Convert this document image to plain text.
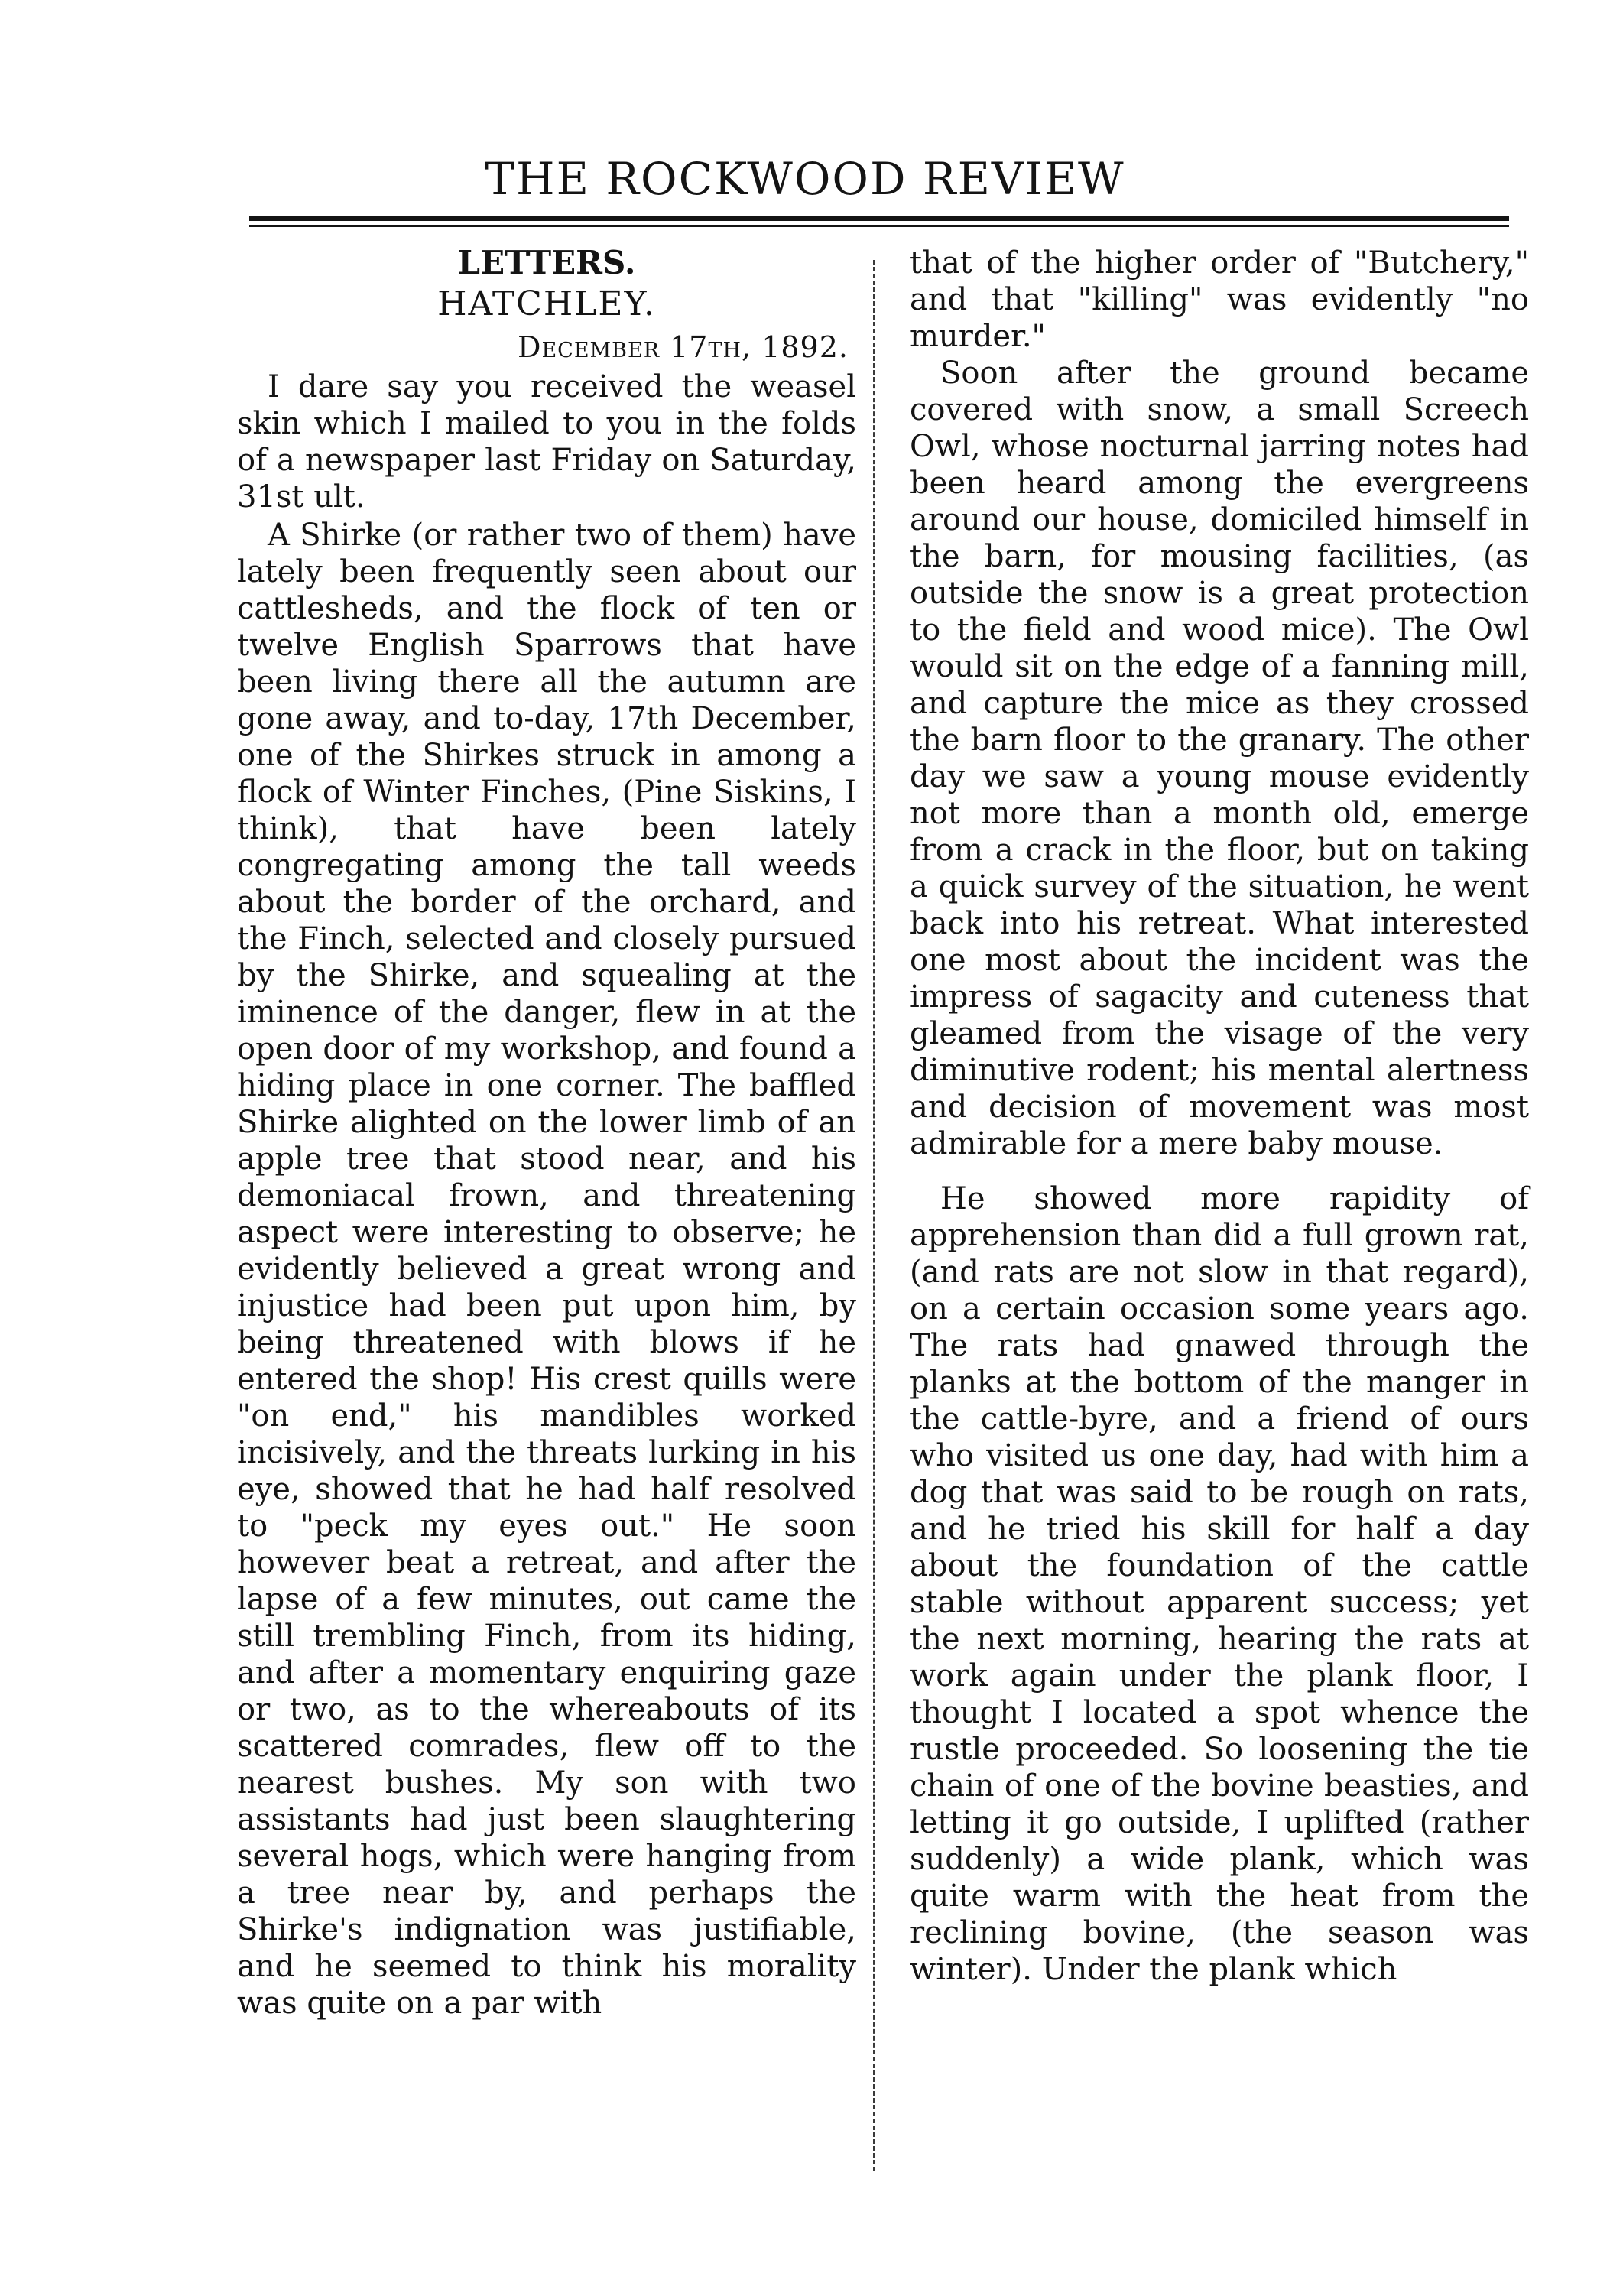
THE ROCKWOOD REVIEW
LETTERS.
HATCHLEY.
December 17th, 1892.

I dare say you received the weasel skin which I mailed to you in the folds of a newspaper last Friday on Saturday, 31st ult.

A Shirke (or rather two of them) have lately been frequently seen about our cattlesheds, and the flock of ten or twelve English Sparrows that have been living there all the autumn are gone away, and to-day, 17th December, one of the Shirkes struck in among a flock of Winter Finches, (Pine Siskins, I think), that have been lately congregating among the tall weeds about the border of the orchard, and the Finch, selected and closely pursued by the Shirke, and squealing at the iminence of the danger, flew in at the open door of my workshop, and found a hiding place in one corner. The baffled Shirke alighted on the lower limb of an apple tree that stood near, and his demoniacal frown, and threatening aspect were interesting to observe; he evidently believed a great wrong and injustice had been put upon him, by being threatened with blows if he entered the shop! His crest quills were "on end," his mandibles worked incisively, and the threats lurking in his eye, showed that he had half resolved to "peck my eyes out." He soon however beat a retreat, and after the lapse of a few minutes, out came the still trembling Finch, from its hiding, and after a momentary enquiring gaze or two, as to the whereabouts of its scattered comrades, flew off to the nearest bushes. My son with two assistants had just been slaughtering several hogs, which were hanging from a tree near by, and perhaps the Shirke's indignation was justifiable, and he seemed to think his morality was quite on a par with

that of the higher order of "Butchery," and that "killing" was evidently "no murder."

Soon after the ground became covered with snow, a small Screech Owl, whose nocturnal jarring notes had been heard among the evergreens around our house, domiciled himself in the barn, for mousing facilities, (as outside the snow is a great protection to the field and wood mice). The Owl would sit on the edge of a fanning mill, and capture the mice as they crossed the barn floor to the granary. The other day we saw a young mouse evidently not more than a month old, emerge from a crack in the floor, but on taking a quick survey of the situation, he went back into his retreat. What interested one most about the incident was the impress of sagacity and cuteness that gleamed from the visage of the very diminutive rodent; his mental alertness and decision of movement was most admirable for a mere baby mouse.

He showed more rapidity of apprehension than did a full grown rat, (and rats are not slow in that regard), on a certain occasion some years ago. The rats had gnawed through the planks at the bottom of the manger in the cattle-byre, and a friend of ours who visited us one day, had with him a dog that was said to be rough on rats, and he tried his skill for half a day about the foundation of the cattle stable without apparent success; yet the next morning, hearing the rats at work again under the plank floor, I thought I located a spot whence the rustle proceeded. So loosening the tie chain of one of the bovine beasties, and letting it go outside, I uplifted (rather suddenly) a wide plank, which was quite warm with the heat from the reclining bovine, (the season was winter). Under the plank which
